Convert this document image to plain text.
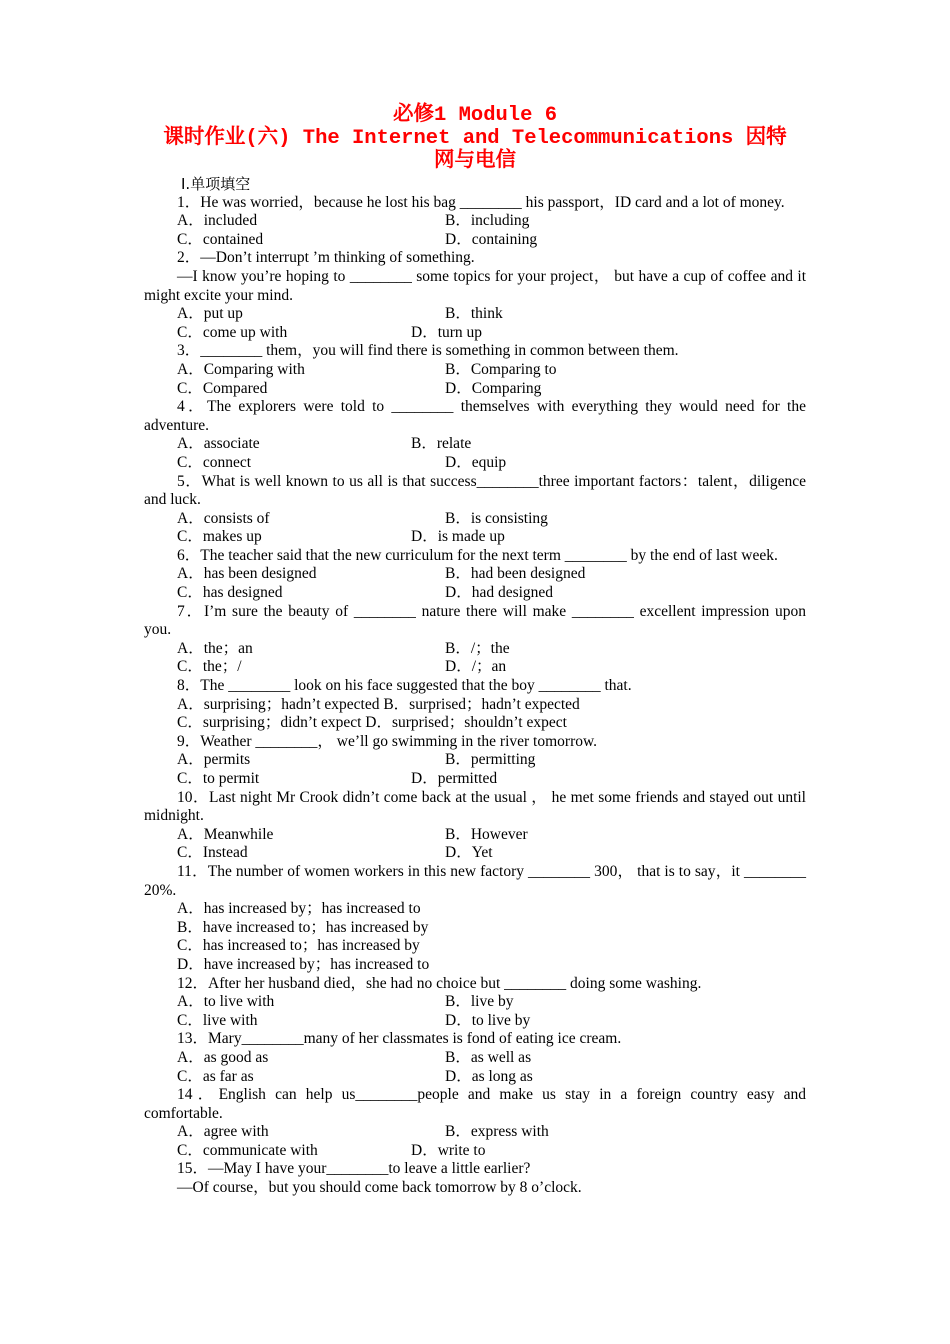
必修1 Module 6
课时作业(六) The Internet and Telecommunications 因特
网与电信
Ⅰ.单项填空

1．He was worried，because he lost his bag ________ his passport，ID card and a lot of money.

A．included	B．including
C．contained	D．containing

2．—Don’t interrupt ’m thinking of something.

—I know you’re hoping to ________ some topics for your project， but have a cup of coffee and it might excite your mind.

A．put up	B．think
C．come up with	D．turn up

3．________ them，you will find there is something in common between them.

A．Comparing with	B．Comparing to
C．Compared	D．Comparing

4．The explorers were told to ________ themselves with everything they would need for the adventure.

A．associate	B．relate
C．connect	D．equip

5．What is well known to us all is that success________three important factors：talent，diligence and luck.

A．consists of	B．is consisting
C．makes up	D．is made up

6．The teacher said that the new curriculum for the next term ________ by the end of last week.

A．has been designed	B．had been designed
C．has designed	D．had designed

7．I’m sure the beauty of ________ nature there will make ________ excellent impression upon you.

A．the；an	B．/；the
C．the；/	D．/；an

8．The ________ look on his face suggested that the boy ________ that.

A．surprising；hadn’t expected B．surprised；hadn’t expected
C．surprising；didn’t expect D．surprised；shouldn’t expect

9．Weather ________， we’ll go swimming in the river tomorrow.

A．permits	B．permitting
C．to permit	D．permitted

10．Last night Mr Crook didn’t come back at the usual ， he met some friends and stayed out until midnight.

A．Meanwhile	B．However
C．Instead	D．Yet

11．The number of women workers in this new factory ________ 300， that is to say，it ________ 20%.

A．has increased by；has increased to
B．have increased to；has increased by
C．has increased to；has increased by
D．have increased by；has increased to

12．After her husband died，she had no choice but ________ doing some washing.

A．to live with	B．live by
C．live with	D．to live by

13．Mary________many of her classmates is fond of eating ice cream.

A．as good as	B．as well as
C．as far as	D．as long as

14．English can help us________people and make us stay in a foreign country easy and comfortable.

A．agree with	B．express with
C．communicate with	D．write to

15．—May I have your________to leave a little earlier?

—Of course，but you should come back tomorrow by 8 o’clock.
